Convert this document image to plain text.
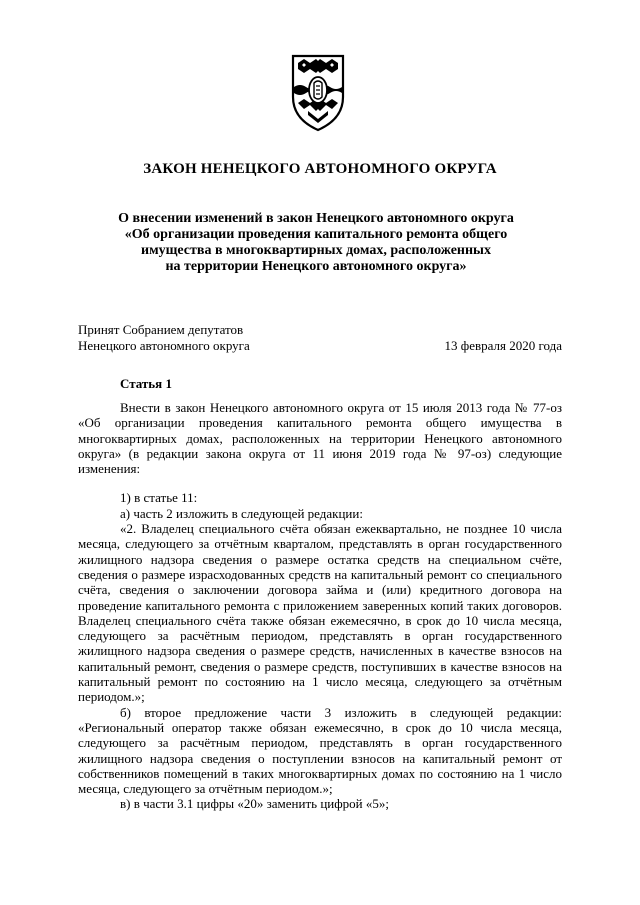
ЗАКОН НЕНЕЦКОГО АВТОНОМНОГО ОКРУГА
О внесении изменений в закон Ненецкого автономного округа
«Об организации проведения капитального ремонта общего
имущества в многоквартирных домах, расположенных
на территории Ненецкого автономного округа»
Принят Собранием депутатов
Ненецкого автономного округа	13 февраля 2020 года
Статья 1

Внести в закон Ненецкого автономного округа от 15 июля 2013 года № 77-оз «Об организации проведения капитального ремонта общего имущества в многоквартирных домах, расположенных на территории Ненецкого автономного округа» (в редакции закона округа от 11 июня 2019 года № 97-оз) следующие изменения:

1) в статье 11:

а) часть 2 изложить в следующей редакции:

«2. Владелец специального счёта обязан ежеквартально, не позднее 10 числа месяца, следующего за отчётным кварталом, представлять в орган государственного жилищного надзора сведения о размере остатка средств на специальном счёте, сведения о размере израсходованных средств на капитальный ремонт со специального счёта, сведения о заключении договора займа и (или) кредитного договора на проведение капитального ремонта с приложением заверенных копий таких договоров. Владелец специального счёта также обязан ежемесячно, в срок до 10 числа месяца, следующего за расчётным периодом, представлять в орган государственного жилищного надзора сведения о размере средств, начисленных в качестве взносов на капитальный ремонт, сведения о размере средств, поступивших в качестве взносов на капитальный ремонт по состоянию на 1 число месяца, следующего за отчётным периодом.»;

б) второе предложение части 3 изложить в следующей редакции: «Региональный оператор также обязан ежемесячно, в срок до 10 числа месяца, следующего за расчётным периодом, представлять в орган государственного жилищного надзора сведения о поступлении взносов на капитальный ремонт от собственников помещений в таких многоквартирных домах по состоянию на 1 число месяца, следующего за отчётным периодом.»;

в) в части 3.1 цифры «20» заменить цифрой «5»;
